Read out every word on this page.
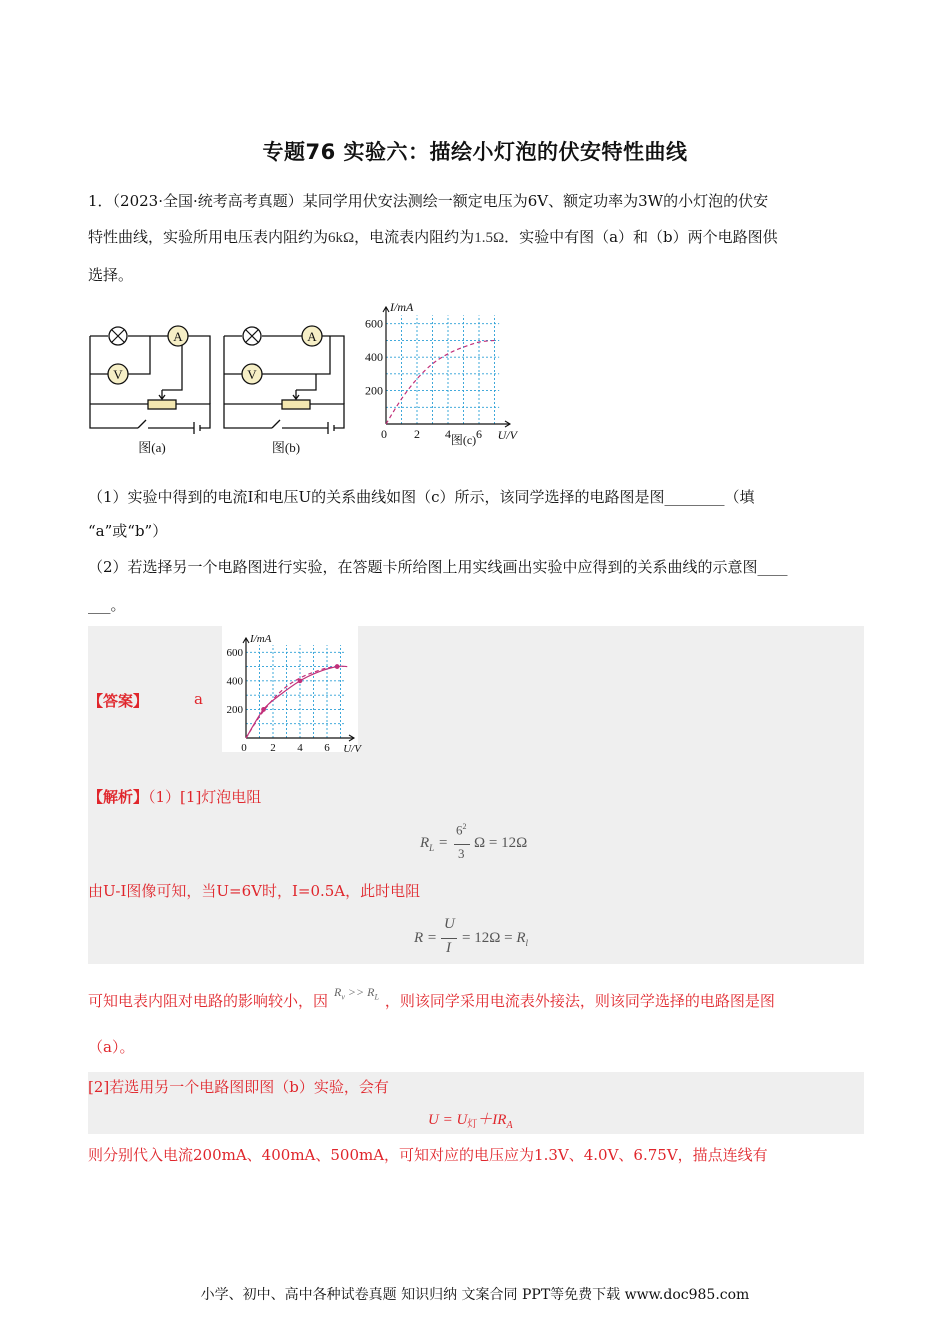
专题76 实验六：描绘小灯泡的伏安特性曲线
1．（2023·全国·统考高考真题）某同学用伏安法测绘一额定电压为6V、额定功率为3W的小灯泡的伏安
特性曲线，实验所用电压表内阻约为6kΩ，电流表内阻约为1.5Ω．实验中有图（a）和（b）两个电路图供
选择。
A
V
图(a)
A
V
图(b)
2 4 6
200
400
600
0
I/mA
U/V
图(c)
（1）实验中得到的电流I和电压U的关系曲线如图（c）所示，该同学选择的电路图是图________（填
“a”或“b”）
（2）若选择另一个电路图进行实验，在答题卡所给图上用实线画出实验中应得到的关系曲线的示意图____
___。
【答案】	a
2 4 6
200
400
600
0
I/mA
U/V
【解析】（1）[1]灯泡电阻
$R_L$ =
$6^2$
3
Ω = 12Ω
由U-I图像可知，当U=6V时，I=0.5A，此时电阻
R =
U
I
= $12\Omega = R_l$
可知电表内阻对电路的影响较小，因 $^{R_v >> R_L}$ ，则该同学采用电流表外接法，则该同学选择的电路图是图
（a）。
[2]若选用另一个电路图即图（b）实验，会有
$U = U_灯+IR_A$
则分别代入电流200mA、400mA、500mA，可知对应的电压应为1.3V、4.0V、6.75V，描点连线有
小学、初中、高中各种试卷真题 知识归纳 文案合同 PPT等免费下载 www.doc985.com
